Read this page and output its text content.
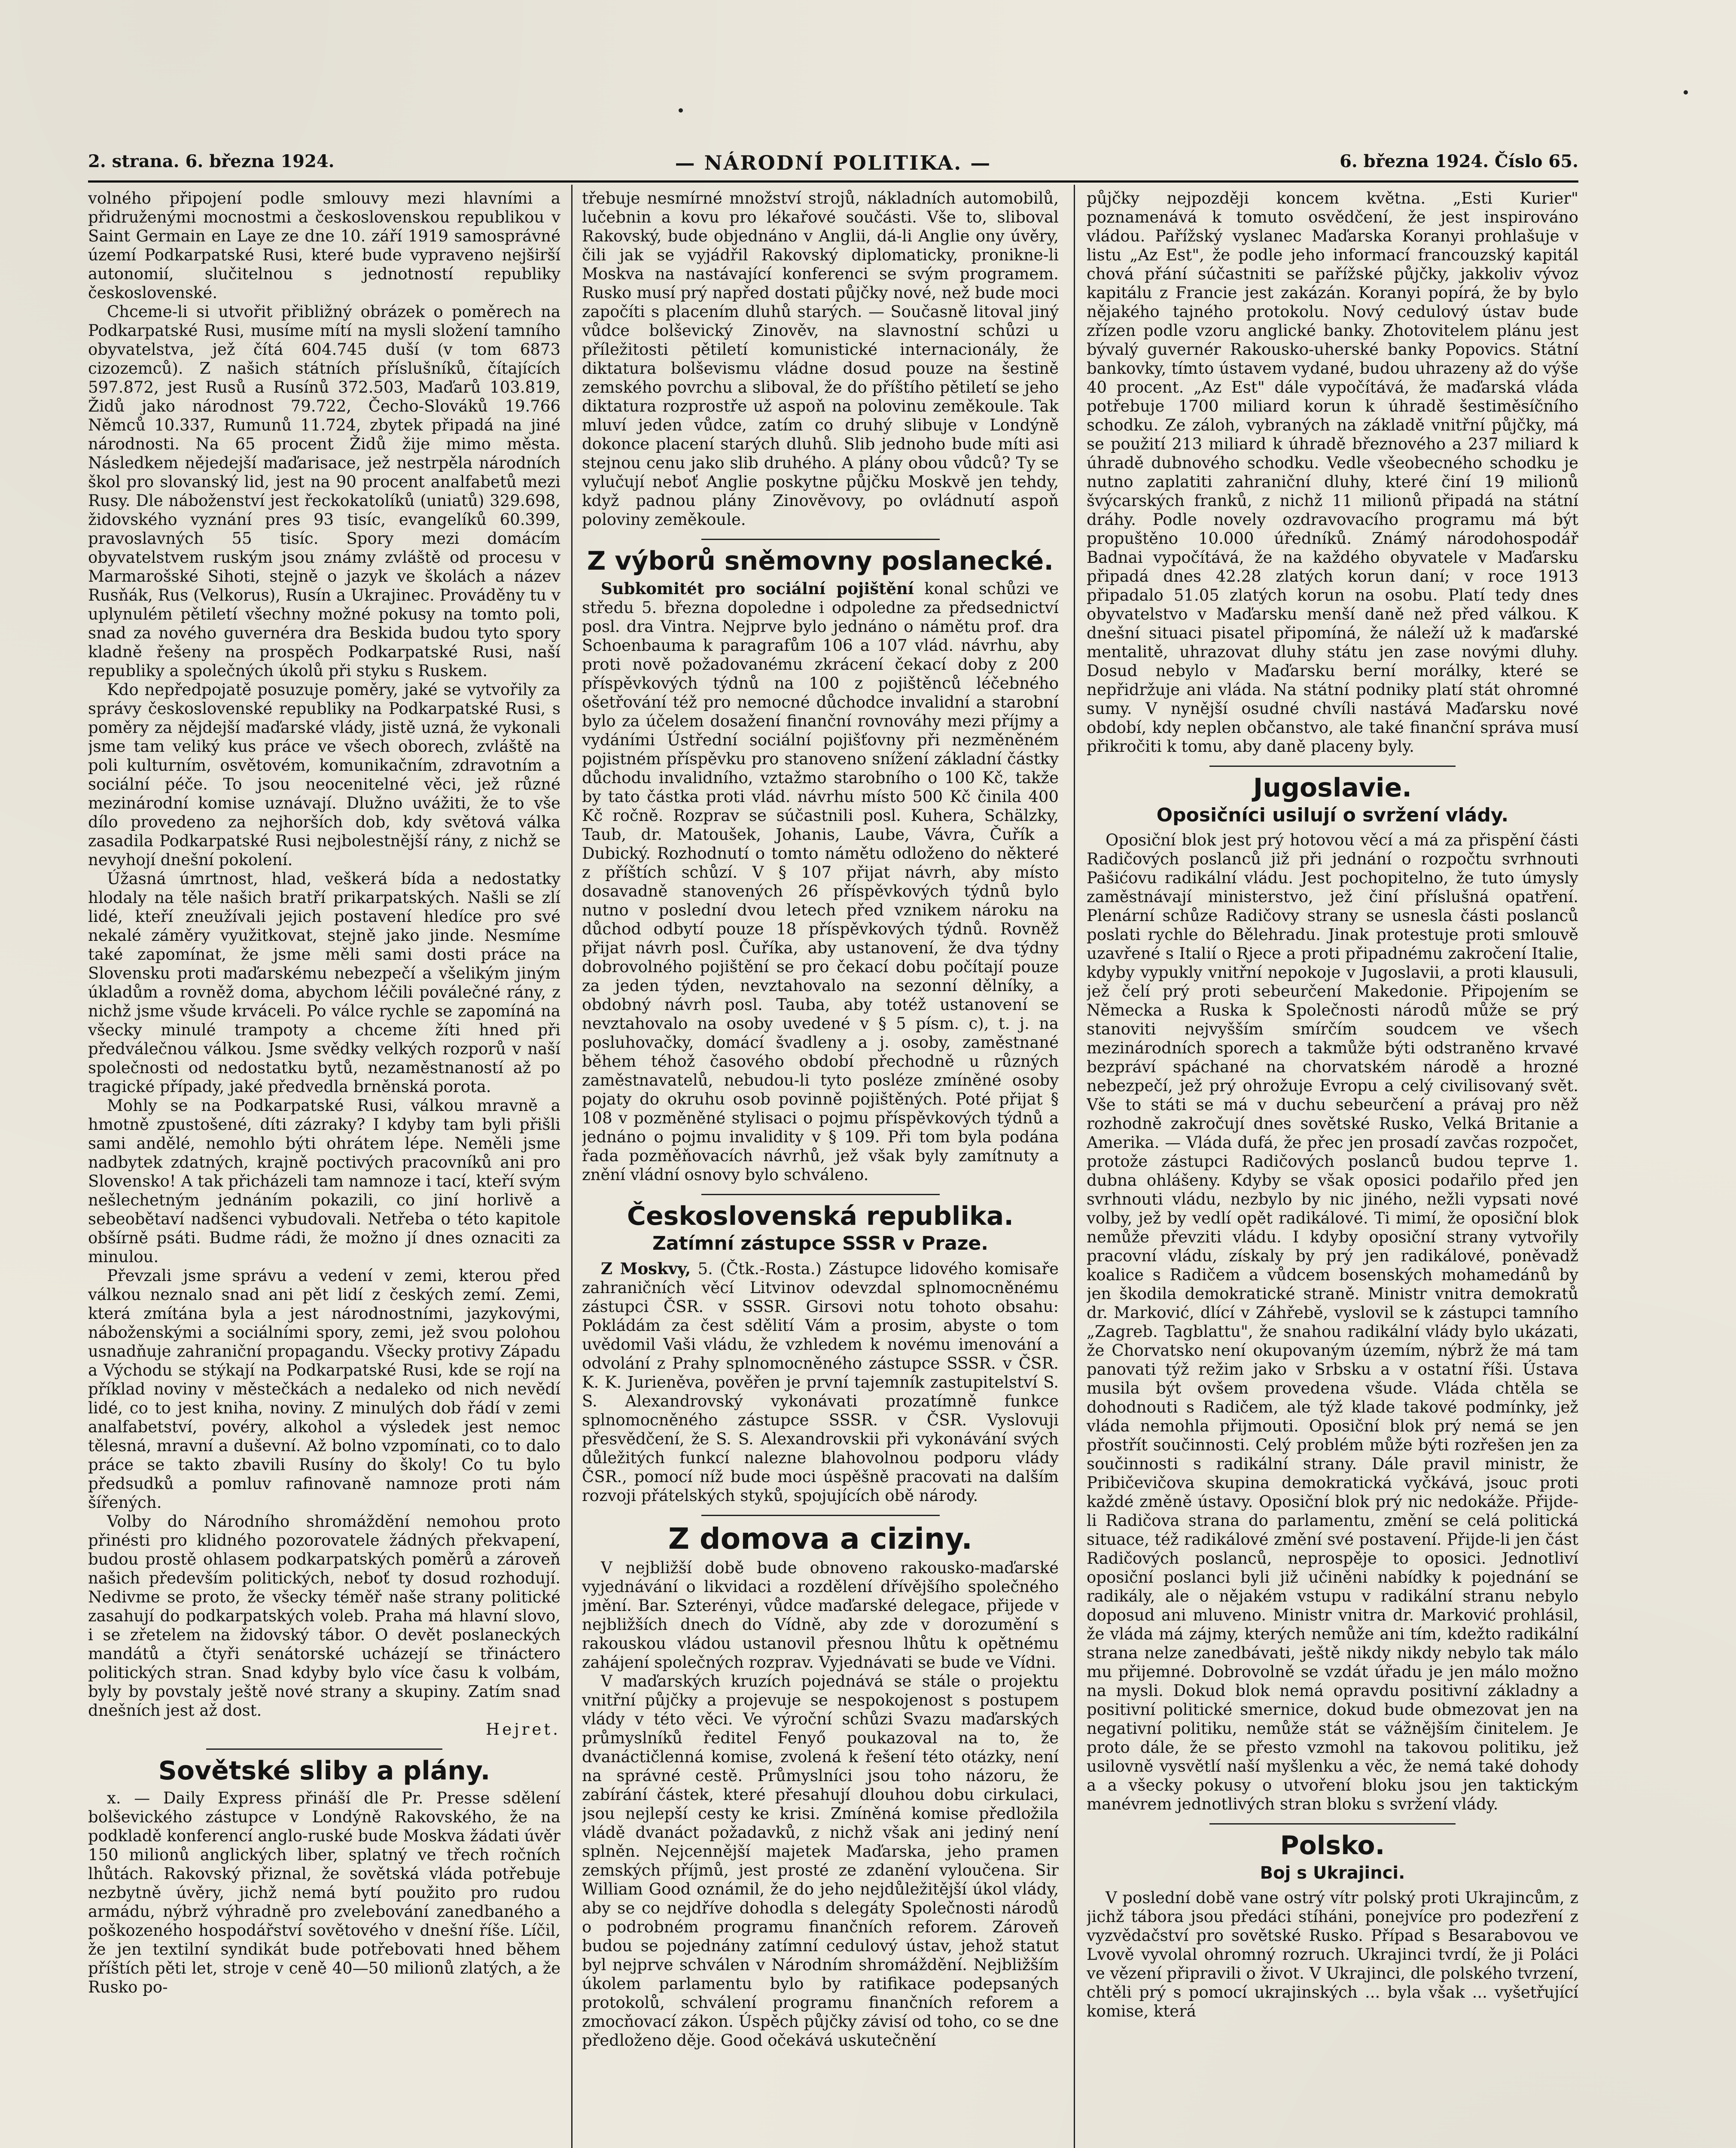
2. strana. 6. března 1924.	— NÁRODNÍ POLITIKA. —	6. března 1924. Číslo 65.

volného připojení podle smlouvy mezi hlavními a přidruženými mocnostmi a československou republikou v Saint Germain en Laye ze dne 10. září 1919 samosprávné území Podkarpatské Rusi, které bude vypraveno nejširší autonomií, slučitelnou s jednotností republiky československé.

Chceme-li si utvořit přibližný obrázek o poměrech na Podkarpatské Rusi, musíme mítí na mysli složení tamního obyvatelstva, jež čítá 604.745 duší (v tom 6873 cizozemců). Z našich státních příslušníků, čítajících 597.872, jest Rusů a Rusínů 372.503, Maďarů 103.819, Židů jako národnost 79.722, Čecho-Slováků 19.766 Němců 10.337, Rumunů 11.724, zbytek připadá na jiné národnosti. Na 65 procent Židů žije mimo města. Následkem nějedejší maďarisace, jež nestrpěla národních škol pro slovanský lid, jest na 90 procent analfabetů mezi Rusy. Dle náboženství jest řeckokatolíků (uniatů) 329.698, židovského vyznání pres 93 tisíc, evangelíků 60.399, pravoslavných 55 tisíc. Spory mezi domácím obyvatelstvem ruským jsou známy zvláště od procesu v Marmarošské Sihoti, stejně o jazyk ve školách a název Rusňák, Rus (Velkorus), Rusín a Ukrajinec. Prováděny tu v uplynulém pětiletí všechny možné pokusy na tomto poli, snad za nového guvernéra dra Beskida budou tyto spory kladně řešeny na prospěch Podkarpatské Rusi, naší republiky a společných úkolů při styku s Ruskem.

Kdo nepředpojatě posuzuje poměry, jaké se vytvořily za správy československé republiky na Podkarpatské Rusi, s poměry za nějdejší maďarské vlády, jistě uzná, že vykonali jsme tam veliký kus práce ve všech oborech, zvláště na poli kulturním, osvětovém, komunikačním, zdravotním a sociální péče. To jsou neocenitelné věci, jež různé mezinárodní komise uznávají. Dlužno uvážiti, že to vše dílo provedeno za nejhorších dob, kdy světová válka zasadila Podkarpatské Rusi nejbolestnější rány, z nichž se nevyhojí dnešní pokolení.

Úžasná úmrtnost, hlad, veškerá bída a nedostatky hlodaly na těle našich bratří prikarpatských. Našli se zlí lidé, kteří zneužívali jejich postavení hledíce pro své nekalé záměry využitkovat, stejně jako jinde. Nesmíme také zapomínat, že jsme měli sami dosti práce na Slovensku proti maďarskému nebezpečí a všelikým jiným úkladům a rovněž doma, abychom léčili poválečné rány, z nichž jsme všude krváceli. Po válce rychle se zapomíná na všecky minulé trampoty a chceme žíti hned při předválečnou válkou. Jsme svědky velkých rozporů v naší společnosti od nedostatku bytů, nezaměstnaností až po tragické případy, jaké předvedla brněnská porota.

Mohly se na Podkarpatské Rusi, válkou mravně a hmotně zpustošené, díti zázraky? I kdyby tam byli přišli sami andělé, nemohlo býti ohrátem lépe. Neměli jsme nadbytek zdatných, krajně poctivých pracovníků ani pro Slovensko! A tak přicházeli tam namnoze i tací, kteří svým nešlechetným jednáním pokazili, co jiní horlivě a sebeobětaví nadšenci vybudovali. Netřeba o této kapitole obšírně psáti. Budme rádi, že možno jí dnes oznaciti za minulou.

Převzali jsme správu a vedení v zemi, kterou před válkou neznalo snad ani pět lidí z českých zemí. Zemi, která zmítána byla a jest národnostními, jazykovými, náboženskými a sociálními spory, zemi, jež svou polohou usnadňuje zahraniční propagandu. Všecky protivy Západu a Východu se stýkají na Podkarpatské Rusi, kde se rojí na příklad noviny v městečkách a nedaleko od nich nevědí lidé, co to jest kniha, noviny. Z minulých dob řádí v zemi analfabetství, povéry, alkohol a výsledek jest nemoc tělesná, mravní a duševní. Až bolno vzpomínati, co to dalo práce se takto zbavili Rusíny do školy! Co tu bylo předsudků a pomluv rafinovaně namnoze proti nám šířených.

Volby do Národního shromáždění nemohou proto přinésti pro klidného pozorovatele žádných překvapení, budou prostě ohlasem podkarpatských poměrů a zároveň našich především politických, neboť ty dosud rozhodují. Nedivme se proto, že všecky téměř naše strany politické zasahují do podkarpatských voleb. Praha má hlavní slovo, i se zřetelem na židovský tábor. O devět poslaneckých mandátů a čtyři senátorské ucházejí se třináctero politických stran. Snad kdyby bylo více času k volbám, byly by povstaly ještě nové strany a skupiny. Zatím snad dnešních jest až dost.

Hejret.
Sovětské sliby a plány.

x. — Daily Express přináší dle Pr. Presse sdělení bolševického zástupce v Londýně Rakovského, že na podkladě konferencí anglo-ruské bude Moskva žádati úvěr 150 milionů anglických liber, splatný ve třech ročních lhůtách. Rakovský přiznal, že sovětská vláda potřebuje nezbytně úvěry, jichž nemá bytí použito pro rudou armádu, nýbrž výhradně pro zvelebování zanedbaného a poškozeného hospodářství sovětového v dnešní říše. Líčil, že jen textilní syndikát bude potřebovati hned během příštích pěti let, stroje v ceně 40—50 milionů zlatých, a že Rusko po-

třebuje nesmírné množství strojů, nákladních automobilů, lučebnin a kovu pro lékařové součásti. Vše to, sliboval Rakovský, bude objednáno v Anglii, dá-li Anglie ony úvěry, čili jak se vyjádřil Rakovský diplomaticky, pronikne-li Moskva na nastávající konferenci se svým programem. Rusko musí prý napřed dostati půjčky nové, než bude moci započíti s placením dluhů starých. — Současně litoval jiný vůdce bolševický Zinověv, na slavnostní schůzi u příležitosti pětiletí komunistické internacionály, že diktatura bolševismu vládne dosud pouze na šestině zemského povrchu a sliboval, že do příštího pětiletí se jeho diktatura rozprostře už aspoň na polovinu zeměkoule. Tak mluví jeden vůdce, zatím co druhý slibuje v Londýně dokonce placení starých dluhů. Slib jednoho bude míti asi stejnou cenu jako slib druhého. A plány obou vůdců? Ty se vylučují neboť Anglie poskytne půjčku Moskvě jen tehdy, když padnou plány Zinověvovy, po ovládnutí aspoň poloviny zeměkoule.

Z výborů sněmovny poslanecké.

Subkomitét pro sociální pojištění konal schůzi ve středu 5. března dopoledne i odpoledne za předsednictví posl. dra Vintra. Nejprve bylo jednáno o námětu prof. dra Schoenbauma k paragrafům 106 a 107 vlád. návrhu, aby proti nově požadovanému zkrácení čekací doby z 200 příspěvkových týdnů na 100 z pojištěnců léčebného ošetřování též pro nemocné důchodce invalidní a starobní bylo za účelem dosažení finanční rovnováhy mezi příjmy a vydáními Ústřední sociální pojišťovny při nezměněném pojistném příspěvku pro stanoveno snížení základní částky důchodu invalidního, vztažmo starobního o 100 Kč, takže by tato částka proti vlád. návrhu místo 500 Kč činila 400 Kč ročně. Rozprav se súčastnili posl. Kuhera, Schälzky, Taub, dr. Matoušek, Johanis, Laube, Vávra, Čuřík a Dubický. Rozhodnutí o tomto námětu odloženo do některé z příštích schůzí. V § 107 přijat návrh, aby místo dosavadně stanovených 26 příspěvkových týdnů bylo nutno v poslední dvou letech před vznikem nároku na důchod odbytí pouze 18 příspěvkových týdnů. Rovněž přijat návrh posl. Čuříka, aby ustanovení, že dva týdny dobrovolného pojištění se pro čekací dobu počítají pouze za jeden týden, nevztahovalo na sezonní dělníky, a obdobný návrh posl. Tauba, aby totéž ustanovení se nevztahovalo na osoby uvedené v § 5 písm. c), t. j. na posluhovačky, domácí švadleny a j. osoby, zaměstnané během téhož časového období přechodně u různých zaměstnavatelů, nebudou-li tyto posléze zmíněné osoby pojaty do okruhu osob povinně pojištěných. Poté přijat § 108 v pozměněné stylisaci o pojmu příspěvkových týdnů a jednáno o pojmu invalidity v § 109. Při tom byla podána řada pozměňovacích návrhů, jež však byly zamítnuty a znění vládní osnovy bylo schváleno.

Československá republika.
Zatímní zástupce SSSR v Praze.

Z Moskvy, 5. (Čtk.-Rosta.) Zástupce lidového komisaře zahraničních věcí Litvinov odevzdal splnomocněnému zástupci ČSR. v SSSR. Girsovi notu tohoto obsahu: Pokládám za čest sdělití Vám a prosim, abyste o tom uvědomil Vaši vládu, že vzhledem k novému imenování a odvolání z Prahy splnomocněného zástupce SSSR. v ČSR. K. K. Jurieněva, pověřen je první tajemník zastupitelství S. S. Alexandrovský vykonávati prozatímně funkce splnomocněného zástupce SSSR. v ČSR. Vyslovuji přesvědčení, že S. S. Alexandrovskii při vykonávání svých důležitých funkcí nalezne blahovolnou podporu vlády ČSR., pomocí níž bude moci úspěšně pracovati na dalším rozvoji přátelských styků, spojujících obě národy.

Z domova a ciziny.

V nejbližší době bude obnoveno rakousko-maďarské vyjednávání o likvidaci a rozdělení dřívějšího společného jmění. Bar. Szterényi, vůdce maďarské delegace, přijede v nejbližších dnech do Vídně, aby zde v dorozumění s rakouskou vládou ustanovil přesnou lhůtu k opětnému zahájení společných rozprav. Vyjednávati se bude ve Vídni.

V maďarských kruzích pojednává se stále o projektu vnitřní půjčky a projevuje se nespokojenost s postupem vlády v této věci. Ve výroční schůzi Svazu maďarských průmyslníků ředitel Fenyő poukazoval na to, že dvanáctičlenná komise, zvolená k řešení této otázky, není na správné cestě. Průmyslníci jsou toho názoru, že zabírání částek, které přesahují dlouhou dobu cirkulaci, jsou nejlepší cesty ke krisi. Zmíněná komise předložila vládě dvanáct požadavků, z nichž však ani jediný není splněn. Nejcennější majetek Maďarska, jeho pramen zemských příjmů, jest prosté ze zdanění vyloučena. Sir William Good oznámil, že do jeho nejdůležitější úkol vlády, aby se co nejdříve dohodla s delegáty Společnosti národů o podrobném programu finančních reforem. Zároveň budou se pojednány zatímní cedulový ústav, jehož statut byl nejprve schválen v Národním shromáždění. Nejbližším úkolem parlamentu bylo by ratifikace podepsaných protokolů, schválení programu finančních reforem a zmocňovací zákon. Úspěch půjčky závisí od toho, co se dne předloženo děje. Good očekává uskutečnění

půjčky nejpozději koncem května. „Esti Kurier" poznamenává k tomuto osvědčení, že jest inspirováno vládou. Pařížský vyslanec Maďarska Koranyi prohlašuje v listu „Az Est", že podle jeho informací francouzský kapitál chová přání súčastniti se pařížské půjčky, jakkoliv vývoz kapitálu z Francie jest zakázán. Koranyi popírá, že by bylo nějakého tajného protokolu. Nový cedulový ústav bude zřízen podle vzoru anglické banky. Zhotovitelem plánu jest bývalý guvernér Rakousko-uherské banky Popovics. Státní bankovky, tímto ústavem vydané, budou uhrazeny až do výše 40 procent. „Az Est" dále vypočítává, že maďarská vláda potřebuje 1700 miliard korun k úhradě šestiměsíčního schodku. Ze záloh, vybraných na základě vnitřní půjčky, má se použití 213 miliard k úhradě březnového a 237 miliard k úhradě dubnového schodku. Vedle všeobecného schodku je nutno zaplatiti zahraniční dluhy, které činí 19 milionů švýcarských franků, z nichž 11 milionů připadá na státní dráhy. Podle novely ozdravovacího programu má být propuštěno 10.000 úředníků. Známý národohospodář Badnai vypočítává, že na každého obyvatele v Maďarsku připadá dnes 42.28 zlatých korun daní; v roce 1913 připadalo 51.05 zlatých korun na osobu. Platí tedy dnes obyvatelstvo v Maďarsku menší daně než před válkou. K dnešní situaci pisatel připomíná, že náleží už k maďarské mentalitě, uhrazovat dluhy státu jen zase novými dluhy. Dosud nebylo v Maďarsku berní morálky, které se nepřidržuje ani vláda. Na státní podniky platí stát ohromné sumy. V nynější osudné chvíli nastává Maďarsku nové období, kdy neplen občanstvo, ale také finanční správa musí přikročiti k tomu, aby daně placeny byly.

Jugoslavie.
Oposičníci usilují o svržení vlády.

Oposiční blok jest prý hotovou věcí a má za přispění části Radičových poslanců již při jednání o rozpočtu svrhnouti Pašićovu radikální vládu. Jest pochopitelno, že tuto úmysly zaměstnávají ministerstvo, jež činí příslušná opatření. Plenární schůze Radičovy strany se usnesla části poslanců poslati rychle do Bělehradu. Jinak protestuje proti smlouvě uzavřené s Italií o Rjece a proti připadnému zakročení Italie, kdyby vypukly vnitřní nepokoje v Jugoslavii, a proti klausuli, jež čelí prý proti sebeurčení Makedonie. Připojením se Německa a Ruska k Společnosti národů může se prý stanoviti nejvyšším smírčím soudcem ve všech mezinárodních sporech a takmůže býti odstraněno krvavé bezpráví spáchané na chorvatském národě a hrozné nebezpečí, jež prý ohrožuje Evropu a celý civilisovaný svět. Vše to státi se má v duchu sebeurčení a právaj pro něž rozhodně zakročují dnes sovětské Rusko, Velká Britanie a Amerika. — Vláda dufá, že přec jen prosadí zavčas rozpočet, protože zástupci Radičových poslanců budou teprve 1. dubna ohlášeny. Kdyby se však oposici podařilo před jen svrhnouti vládu, nezbylo by nic jiného, nežli vypsati nové volby, jež by vedlí opět radikálové. Ti mimí, že oposiční blok nemůže převziti vládu. I kdyby oposiční strany vytvořily pracovní vládu, získaly by prý jen radikálové, poněvadž koalice s Radičem a vůdcem bosenských mohamedánů by jen škodila demokratické straně. Ministr vnitra demokratů dr. Marković, dlící v Záhřebě, vyslovil se k zástupci tamního „Zagreb. Tagblattu", že snahou radikální vlády bylo ukázati, že Chorvatsko není okupovaným územím, nýbrž že má tam panovati týž režim jako v Srbsku a v ostatní říši. Ústava musila být ovšem provedena všude. Vláda chtěla se dohodnouti s Radičem, ale týž klade takové podmínky, jež vláda nemohla přijmouti. Oposiční blok prý nemá se jen přostřít součinnosti. Celý problém může býti rozřešen jen za součinnosti s radikální strany. Dále pravil ministr, že Pribičevičova skupina demokratická vyčkává, jsouc proti každé změně ústavy. Oposiční blok prý nic nedokáže. Přijde-li Radičova strana do parlamentu, změní se celá politická situace, též radikálové změní své postavení. Přijde-li jen část Radičových poslanců, neprospěje to oposici. Jednotliví oposiční poslanci byli již učiněni nabídky k pojednání se radikály, ale o nějakém vstupu v radikální stranu nebylo doposud ani mluveno. Ministr vnitra dr. Marković prohlásil, že vláda má zájmy, kterých nemůže ani tím, kdežto radikální strana nelze zanedbávati, ještě nikdy nikdy nebylo tak málo mu přijemné. Dobrovolně se vzdát úřadu je jen málo možno na mysli. Dokud blok nemá opravdu positivní základny a positivní politické smernice, dokud bude obmezovat jen na negativní politiku, nemůže stát se vážnějším činitelem. Je proto dále, že se přesto vzmohl na takovou politiku, jež usilovně vysvětlí naší myšlenku a věc, že nemá také dohody a a všecky pokusy o utvoření bloku jsou jen taktickým manévrem jednotlivých stran bloku s svržení vlády.

Polsko.
Boj s Ukrajinci.

V poslední době vane ostrý vítr polský proti Ukrajincům, z jichž tábora jsou předáci stíháni, ponejvíce pro podezření z vyzvědačství pro sovětské Rusko. Případ s Besarabovou ve Lvově vyvolal ohromný rozruch. Ukrajinci tvrdí, že ji Poláci ve vězení připravili o život. V Ukrajinci, dle polského tvrzení, chtěli prý s pomocí ukrajinských ... byla však ... vyšetřující komise, která
